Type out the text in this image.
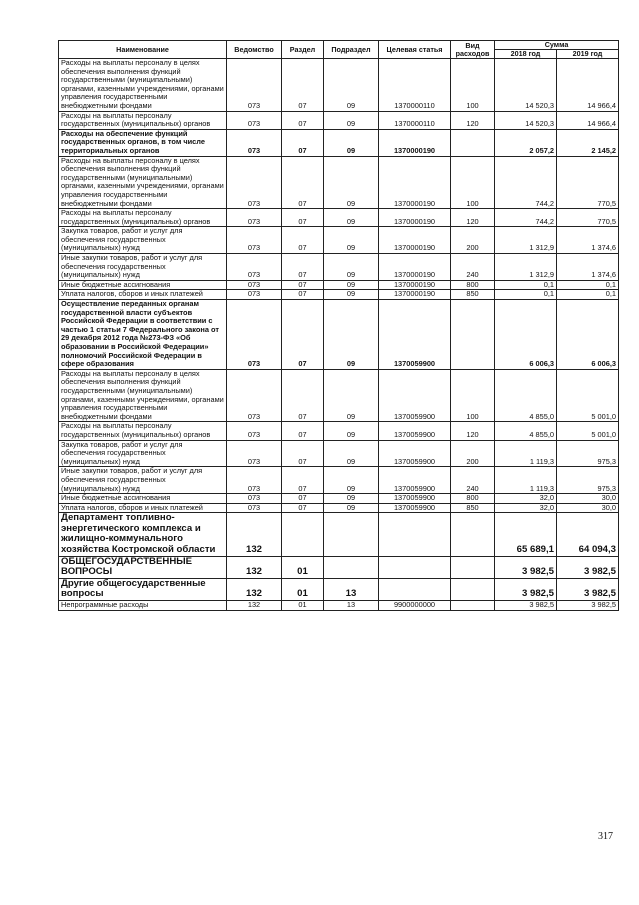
Наименование	Ведомство	Раздел	Подраздел	Целевая статья	Вид расходов	Сумма	
						2018 год	2019 год
Расходы на выплаты персоналу в целях обеспечения выполнения функций государственными (муниципальными) органами, казенными учреждениями, органами управления государственными внебюджетными фондами	073	07	09	1370000110	100	14 520,3	14 966,4
Расходы на выплаты персоналу государственных (муниципальных) органов	073	07	09	1370000110	120	14 520,3	14 966,4
Расходы на обеспечение функций государственных органов, в том числе территориальных органов	073	07	09	1370000190		2 057,2	2 145,2
Расходы на выплаты персоналу в целях обеспечения выполнения функций государственными (муниципальными) органами, казенными учреждениями, органами управления государственными внебюджетными фондами	073	07	09	1370000190	100	744,2	770,5
Расходы на выплаты персоналу государственных (муниципальных) органов	073	07	09	1370000190	120	744,2	770,5
Закупка товаров, работ и услуг для обеспечения государственных (муниципальных) нужд	073	07	09	1370000190	200	1 312,9	1 374,6
Иные закупки товаров, работ и услуг для обеспечения государственных (муниципальных) нужд	073	07	09	1370000190	240	1 312,9	1 374,6
Иные бюджетные ассигнования	073	07	09	1370000190	800	0,1	0,1
Уплата налогов, сборов и иных платежей	073	07	09	1370000190	850	0,1	0,1
Осуществление переданных органам государственной власти субъектов Российской Федерации в соответствии с частью 1 статьи 7 Федерального закона от 29 декабря 2012 года №273-ФЗ «Об образовании в Российской Федерации» полномочий Российской Федерации в сфере образования	073	07	09	1370059900		6 006,3	6 006,3
Расходы на выплаты персоналу в целях обеспечения выполнения функций государственными (муниципальными) органами, казенными учреждениями, органами управления государственными внебюджетными фондами	073	07	09	1370059900	100	4 855,0	5 001,0
Расходы на выплаты персоналу государственных (муниципальных) органов	073	07	09	1370059900	120	4 855,0	5 001,0
Закупка товаров, работ и услуг для обеспечения государственных (муниципальных) нужд	073	07	09	1370059900	200	1 119,3	975,3
Иные закупки товаров, работ и услуг для обеспечения государственных (муниципальных) нужд	073	07	09	1370059900	240	1 119,3	975,3
Иные бюджетные ассигнования	073	07	09	1370059900	800	32,0	30,0
Уплата налогов, сборов и иных платежей	073	07	09	1370059900	850	32,0	30,0
Департамент топливно-энергетического комплекса и жилищно-коммунального хозяйства Костромской области	132					65 689,1	64 094,3
ОБЩЕГОСУДАРСТВЕННЫЕ ВОПРОСЫ	132	01				3 982,5	3 982,5
Другие общегосударственные вопросы	132	01	13			3 982,5	3 982,5
Непрограммные расходы	132	01	13	9900000000		3 982,5	3 982,5
317
